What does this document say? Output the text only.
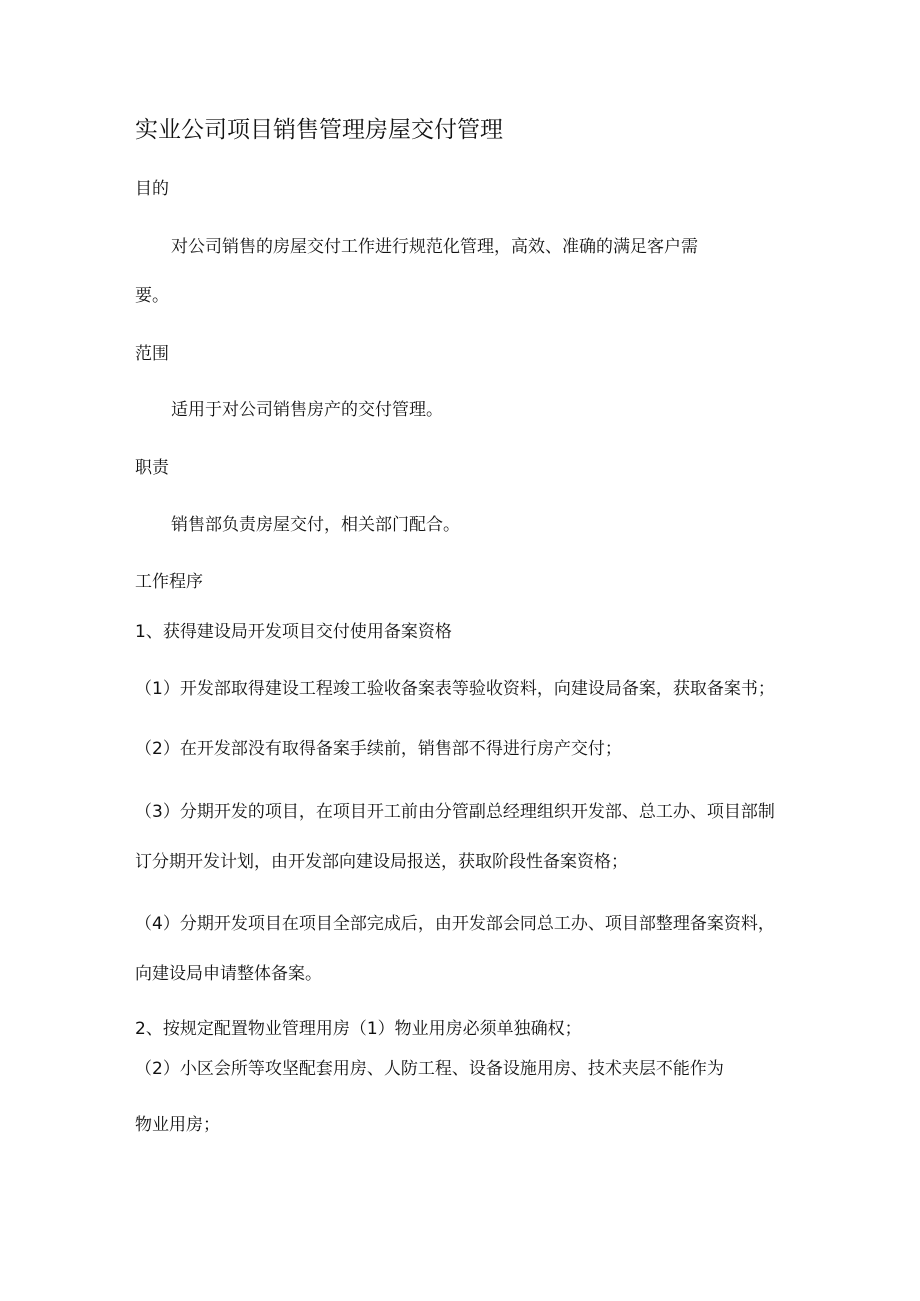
实业公司项目销售管理房屋交付管理
目的
对公司销售的房屋交付工作进行规范化管理，高效、准确的满足客户需
要。
范围
适用于对公司销售房产的交付管理。
职责
销售部负责房屋交付，相关部门配合。
工作程序
1、获得建设局开发项目交付使用备案资格
（1）开发部取得建设工程竣工验收备案表等验收资料，向建设局备案，获取备案书；
（2）在开发部没有取得备案手续前，销售部不得进行房产交付；
（3）分期开发的项目，在项目开工前由分管副总经理组织开发部、总工办、项目部制
订分期开发计划，由开发部向建设局报送，获取阶段性备案资格；
（4）分期开发项目在项目全部完成后，由开发部会同总工办、项目部整理备案资料，
向建设局申请整体备案。
2、按规定配置物业管理用房（1）物业用房必须单独确权；
（2）小区会所等攻坚配套用房、人防工程、设备设施用房、技术夹层不能作为
物业用房；
